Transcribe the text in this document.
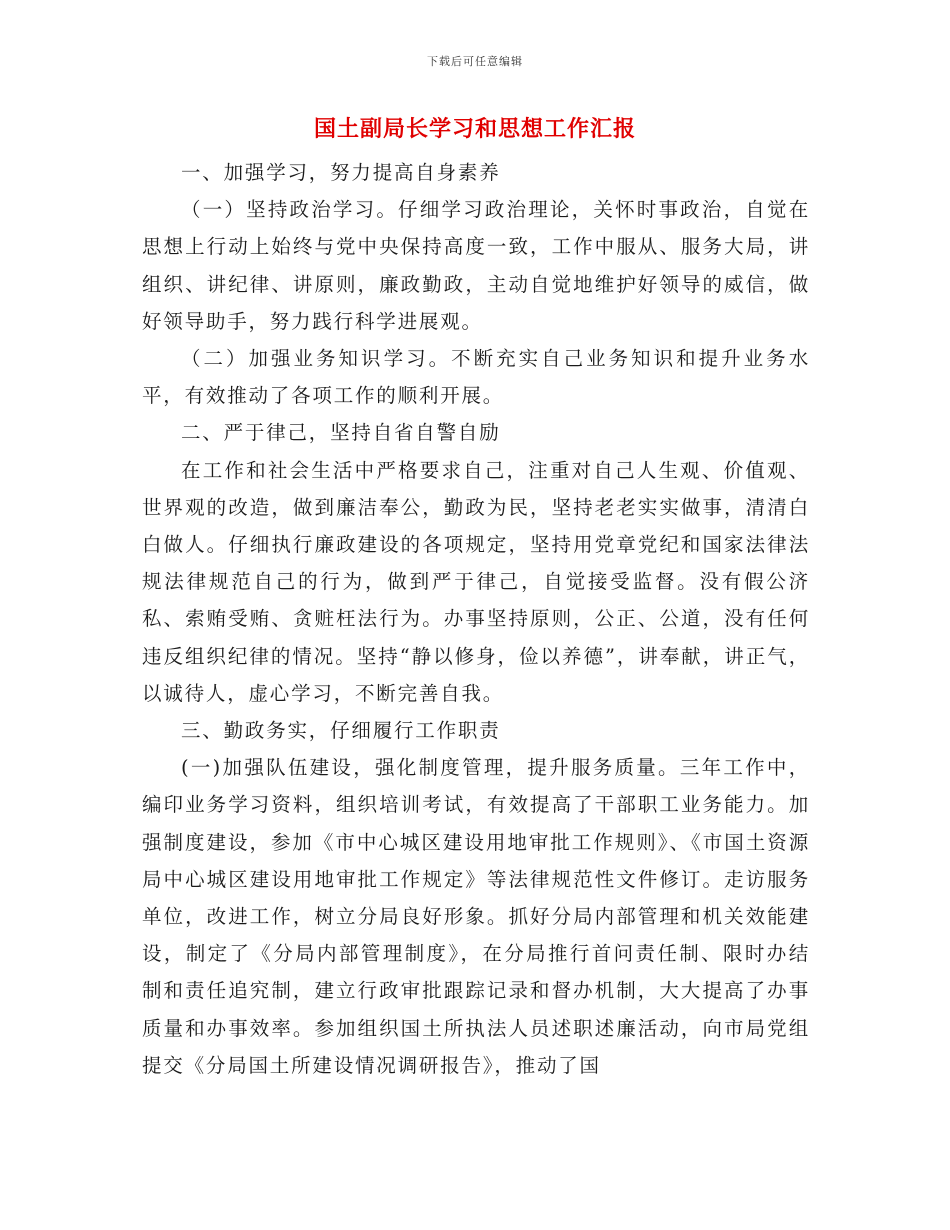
下载后可任意编辑
国土副局长学习和思想工作汇报

一、加强学习，努力提高自身素养

（一）坚持政治学习。仔细学习政治理论，关怀时事政治，自觉在思想上行动上始终与党中央保持高度一致，工作中服从、服务大局，讲组织、讲纪律、讲原则，廉政勤政，主动自觉地维护好领导的威信，做好领导助手，努力践行科学进展观。

（二）加强业务知识学习。不断充实自己业务知识和提升业务水平，有效推动了各项工作的顺利开展。

二、严于律己，坚持自省自警自励

在工作和社会生活中严格要求自己，注重对自己人生观、价值观、世界观的改造，做到廉洁奉公，勤政为民，坚持老老实实做事，清清白白做人。仔细执行廉政建设的各项规定，坚持用党章党纪和国家法律法规法律规范自己的行为，做到严于律己，自觉接受监督。没有假公济私、索贿受贿、贪赃枉法行为。办事坚持原则，公正、公道，没有任何违反组织纪律的情况。坚持“静以修身，俭以养德”，讲奉献，讲正气，以诚待人，虚心学习，不断完善自我。

三、勤政务实，仔细履行工作职责

(一)加强队伍建设，强化制度管理，提升服务质量。三年工作中，编印业务学习资料，组织培训考试，有效提高了干部职工业务能力。加强制度建设，参加《市中心城区建设用地审批工作规则》、《市国土资源局中心城区建设用地审批工作规定》等法律规范性文件修订。走访服务单位，改进工作，树立分局良好形象。抓好分局内部管理和机关效能建设，制定了《分局内部管理制度》，在分局推行首问责任制、限时办结制和责任追究制，建立行政审批跟踪记录和督办机制，大大提高了办事质量和办事效率。参加组织国土所执法人员述职述廉活动，向市局党组提交《分局国土所建设情况调研报告》，推动了国
